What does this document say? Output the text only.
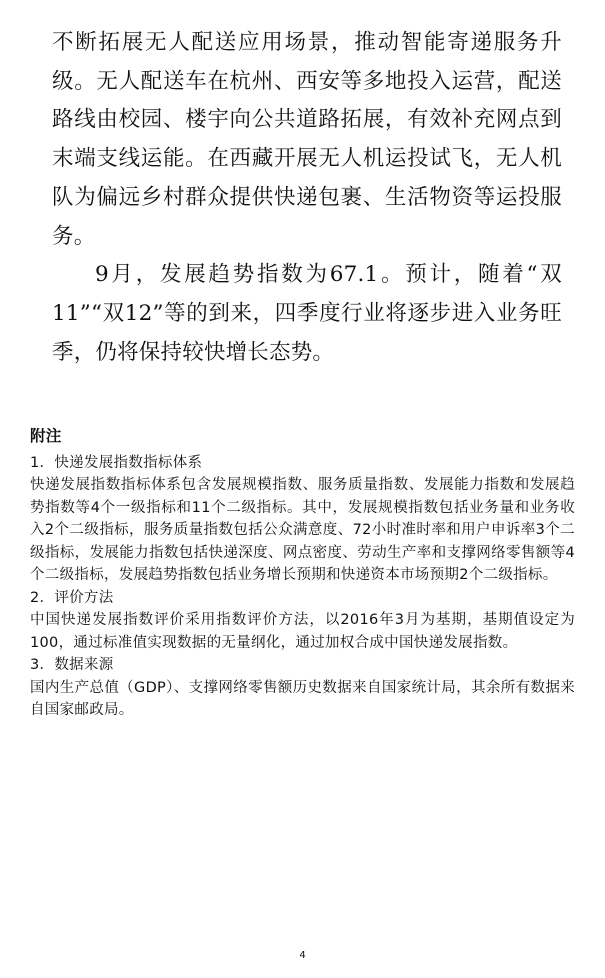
不断拓展无人配送应用场景，推动智能寄递服务升级。无人配送车在杭州、西安等多地投入运营，配送路线由校园、楼宇向公共道路拓展，有效补充网点到末端支线运能。在西藏开展无人机运投试飞，无人机队为偏远乡村群众提供快递包裹、生活物资等运投服务。

9月，发展趋势指数为67.1。预计，随着“双11”“双12”等的到来，四季度行业将逐步进入业务旺季，仍将保持较快增长态势。

附注

1．快递发展指数指标体系

快递发展指数指标体系包含发展规模指数、服务质量指数、发展能力指数和发展趋势指数等4个一级指标和11个二级指标。其中，发展规模指数包括业务量和业务收入2个二级指标，服务质量指数包括公众满意度、72小时准时率和用户申诉率3个二级指标，发展能力指数包括快递深度、网点密度、劳动生产率和支撑网络零售额等4个二级指标，发展趋势指数包括业务增长预期和快递资本市场预期2个二级指标。

2．评价方法

中国快递发展指数评价采用指数评价方法，以2016年3月为基期，基期值设定为100，通过标准值实现数据的无量纲化，通过加权合成中国快递发展指数。

3．数据来源

国内生产总值（GDP）、支撑网络零售额历史数据来自国家统计局，其余所有数据来自国家邮政局。

4
